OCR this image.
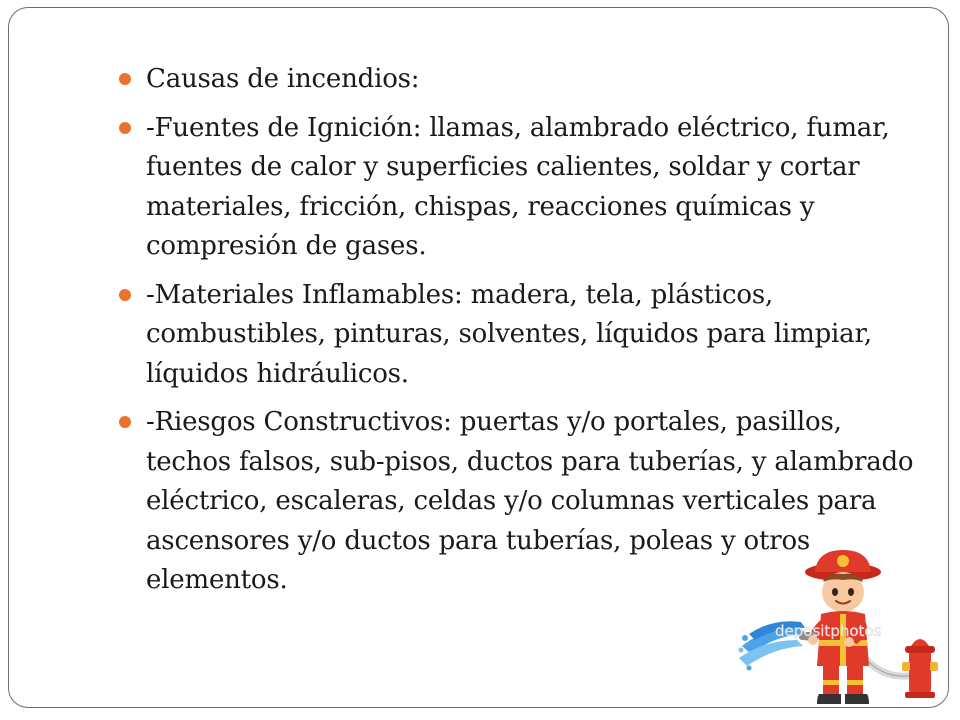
Causas de incendios:
-Fuentes de Ignición: llamas, alambrado eléctrico, fumar, fuentes de calor y superficies calientes, soldar y cortar materiales, fricción, chispas, reacciones químicas y compresión de gases.
-Materiales Inflamables: madera, tela, plásticos, combustibles, pinturas, solventes, líquidos para limpiar, líquidos hidráulicos.
-Riesgos Constructivos: puertas y/o portales, pasillos, techos falsos, sub-pisos, ductos para tuberías, y alambrado eléctrico, escaleras, celdas y/o columnas verticales para ascensores y/o ductos para tuberías, poleas y otros elementos.
depositphotos
